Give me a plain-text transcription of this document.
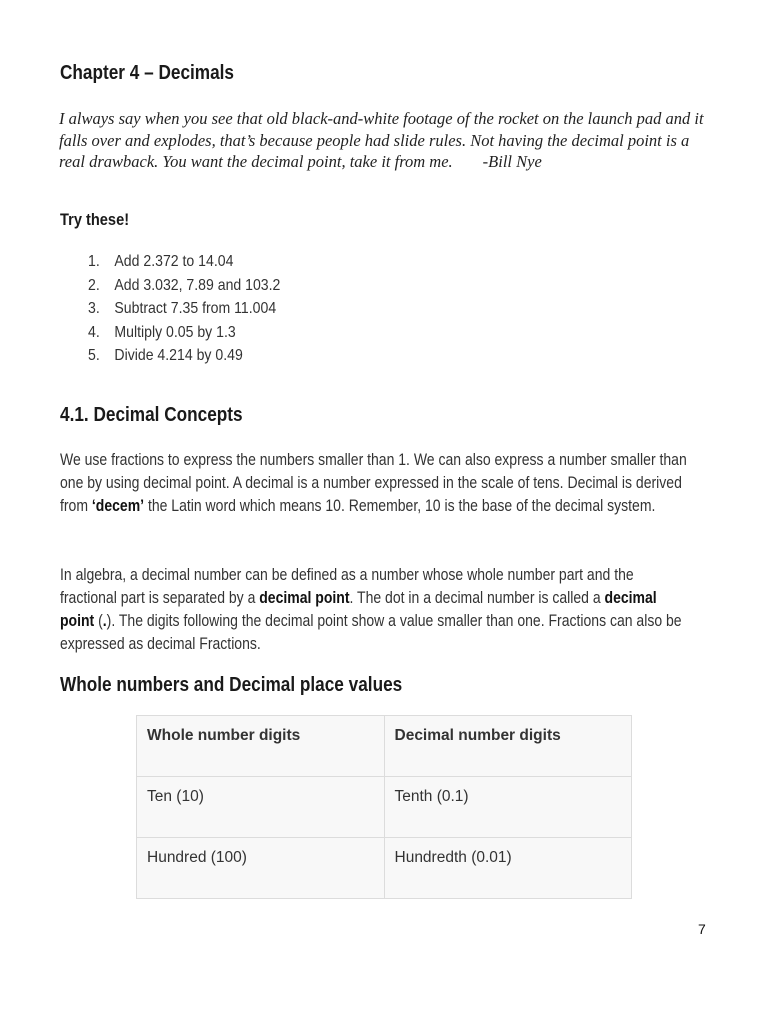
Chapter 4 – Decimals
I always say when you see that old black-and-white footage of the rocket on the launch pad and it falls over and explodes, that’s because people had slide rules. Not having the decimal point is a real drawback. You want the decimal point, take it from me. -Bill Nye
Try these!
1. Add 2.372 to 14.04
2. Add 3.032, 7.89 and 103.2
3. Subtract 7.35 from 11.004
4. Multiply 0.05 by 1.3
5. Divide 4.214 by 0.49
4.1. Decimal Concepts

We use fractions to express the numbers smaller than 1. We can also express a number smaller than one by using decimal point. A decimal is a number expressed in the scale of tens. Decimal is derived from ‘decem’ the Latin word which means 10. Remember, 10 is the base of the decimal system.

In algebra, a decimal number can be defined as a number whose whole number part and the fractional part is separated by a decimal point. The dot in a decimal number is called a decimal point (.). The digits following the decimal point show a value smaller than one. Fractions can also be expressed as decimal Fractions.

Whole numbers and Decimal place values
Whole number digits	Decimal number digits

Ten (10)	Tenth (0.1)

Hundred (100)	Hundredth (0.01)
7
